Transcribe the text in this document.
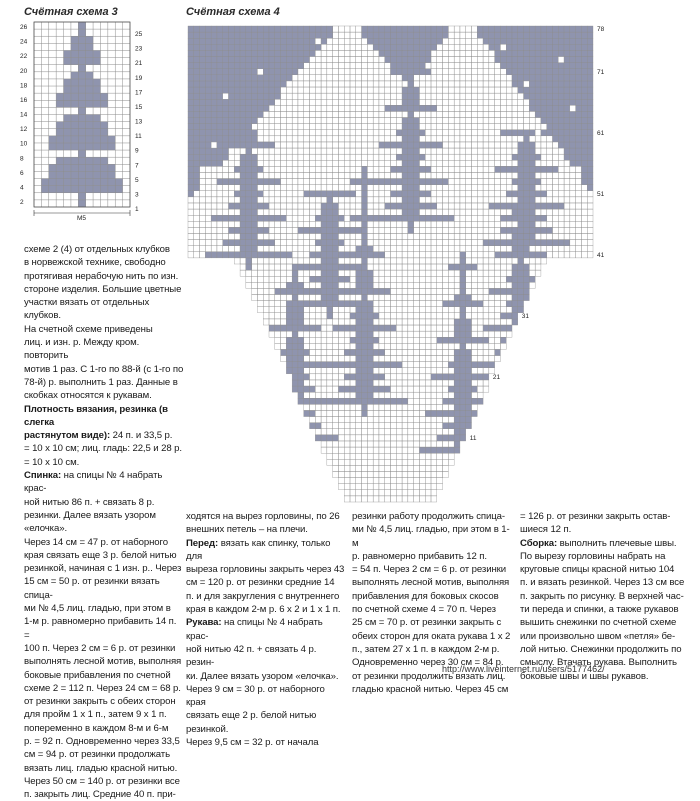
Счётная схема 3
26
24
22
20
18
16
14
12
10
8
6
4
2
25
23
21
19
17
15
13
11
9
7
5
3
1
M5
Счётная схема 4
78
71
61
51
41
31
21
11
схеме 2 (4) от отдельных клубков
в норвежской технике, свободно
протягивая нерабочую нить по изн.
стороне изделия. Большие цветные
участки вязать от отдельных клубков.
На счетной схеме приведены
лиц. и изн. р. Между кром. повторить
мотив 1 раз. С 1-го по 88-й (с 1-го по
78-й) р. выполнить 1 раз. Данные в
скобках относятся к рукавам.
Плотность вязания, резинка (в слегка
растянутом виде): 24 п. и 33,5 р.
= 10 х 10 см; лиц. гладь: 22,5 и 28 р.
= 10 х 10 см.
Спинка: на спицы № 4 набрать крас-
ной нитью 86 п. + связать 8 р.
резинки. Далее вязать узором «елочка».
Через 14 см = 47 р. от наборного
края связать еще 3 р. белой нитью
резинкой, начиная с 1 изн. р.. Через
15 см = 50 р. от резинки вязать спица-
ми № 4,5 лиц. гладью, при этом в
1-м р. равномерно прибавить 14 п. =
100 п. Через 2 см = 6 р. от резинки
выполнять лесной мотив, выполняя
боковые прибавления по счетной
схеме 2 = 112 п. Через 24 см = 68 р.
от резинки закрыть с обеих сторон
для пройм 1 х 1 п., затем 9 х 1 п.
попеременно в каждом 8-м и 6-м
р. = 92 п. Одновременно через 33,5
см = 94 р. от резинки продолжать
вязать лиц. гладью красной нитью.
Через 50 см = 140 р. от резинки все
п. закрыть лиц. Средние 40 п. при-
ходятся на вырез горловины, по 26
внешних петель – на плечи.
Перед: вязать как спинку, только для
выреза горловины закрыть через 43
см = 120 р. от резинки средние 14
п. и для закругления с внутреннего
края в каждом 2-м р. 6 х 2 и 1 х 1 п.
Рукава: на спицы № 4 набрать крас-
ной нитью 42 п. + связать 4 р. резин-
ки. Далее вязать узором «елочка».
Через 9 см = 30 р. от наборного края
связать еще 2 р. белой нитью резинкой.
Через 9,5 см = 32 р. от начала
резинки работу продолжить спица-
ми № 4,5 лиц. гладью, при этом в 1-м
р. равномерно прибавить 12 п.
= 54 п. Через 2 см = 6 р. от резинки
выполнять лесной мотив, выполняя
прибавления для боковых скосов
по счетной схеме 4 = 70 п. Через
25 см = 70 р. от резинки закрыть с
обеих сторон для оката рукава 1 х 2
п., затем 27 х 1 п. в каждом 2-м р.
Одновременно через 30 см = 84 р.
от резинки продолжить вязать лиц.
гладью красной нитью. Через 45 см
= 126 р. от резинки закрыть остав-
шиеся 12 п.
Сборка: выполнить плечевые швы.
По вырезу горловины набрать на
круговые спицы красной нитью 104
п. и вязать резинкой. Через 13 см все
п. закрыть по рисунку. В верхней час-
ти переда и спинки, а также рукавов
вышить снежинки по счетной схеме
или произвольно швом «петля» бе-
лой нитью. Снежинки продолжить по
смыслу. Втачать рукава. Выполнить
боковые швы и швы рукавов.
http://www.liveinternet.ru/users/5177462/
